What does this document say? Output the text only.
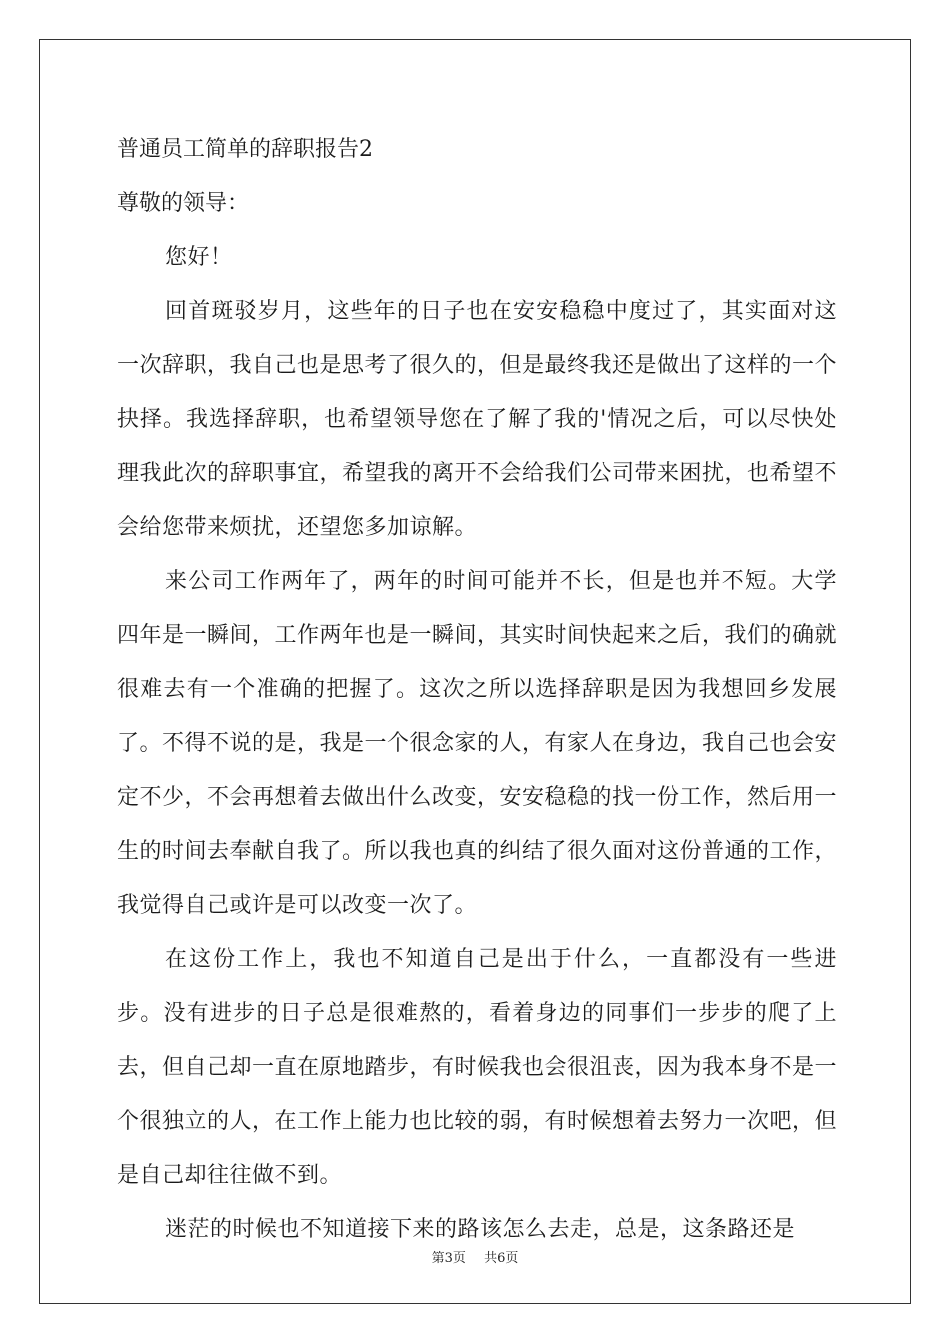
普通员工简单的辞职报告2

尊敬的领导：

您好！

回首斑驳岁月，这些年的日子也在安安稳稳中度过了，其实面对这一次辞职，我自己也是思考了很久的，但是最终我还是做出了这样的一个抉择。我选择辞职，也希望领导您在了解了我的'情况之后，可以尽快处理我此次的辞职事宜，希望我的离开不会给我们公司带来困扰，也希望不会给您带来烦扰，还望您多加谅解。

来公司工作两年了，两年的时间可能并不长，但是也并不短。大学四年是一瞬间，工作两年也是一瞬间，其实时间快起来之后，我们的确就很难去有一个准确的把握了。这次之所以选择辞职是因为我想回乡发展了。不得不说的是，我是一个很念家的人，有家人在身边，我自己也会安定不少，不会再想着去做出什么改变，安安稳稳的找一份工作，然后用一生的时间去奉献自我了。所以我也真的纠结了很久面对这份普通的工作，我觉得自己或许是可以改变一次了。

在这份工作上，我也不知道自己是出于什么，一直都没有一些进步。没有进步的日子总是很难熬的，看着身边的同事们一步步的爬了上去，但自己却一直在原地踏步，有时候我也会很沮丧，因为我本身不是一个很独立的人，在工作上能力也比较的弱，有时候想着去努力一次吧，但是自己却往往做不到。

迷茫的时候也不知道接下来的路该怎么去走，总是，这条路还是

第3页 共6页
